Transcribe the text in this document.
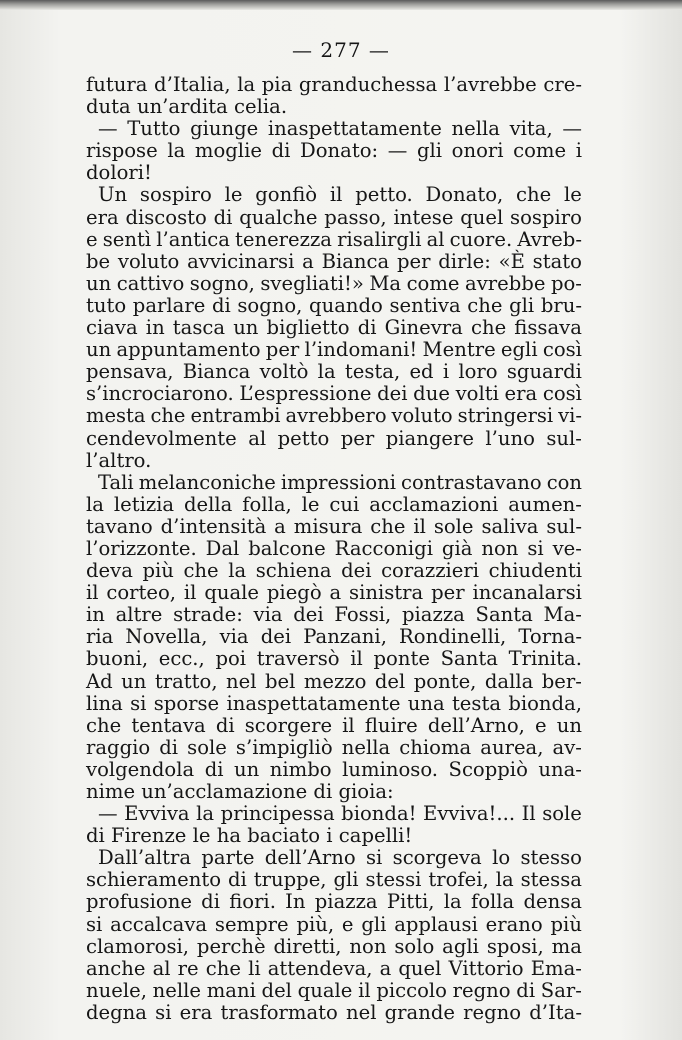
— 277 —
futura d’Italia, la pia granduchessa l’avrebbe cre-
duta un’ardita celia.
— Tutto giunge inaspettatamente nella vita, —
rispose la moglie di Donato: — gli onori come i
dolori!
Un sospiro le gonfiò il petto. Donato, che le
era discosto di qualche passo, intese quel sospiro
e sentì l’antica tenerezza risalirgli al cuore. Avreb-
be voluto avvicinarsi a Bianca per dirle: «È stato
un cattivo sogno, svegliati!» Ma come avrebbe po-
tuto parlare di sogno, quando sentiva che gli bru-
ciava in tasca un biglietto di Ginevra che fissava
un appuntamento per l’indomani! Mentre egli così
pensava, Bianca voltò la testa, ed i loro sguardi
s’incrociarono. L’espressione dei due volti era così
mesta che entrambi avrebbero voluto stringersi vi-
cendevolmente al petto per piangere l’uno sul-
l’altro.
Tali melanconiche impressioni contrastavano con
la letizia della folla, le cui acclamazioni aumen-
tavano d’intensità a misura che il sole saliva sul-
l’orizzonte. Dal balcone Racconigi già non si ve-
deva più che la schiena dei corazzieri chiudenti
il corteo, il quale piegò a sinistra per incanalarsi
in altre strade: via dei Fossi, piazza Santa Ma-
ria Novella, via dei Panzani, Rondinelli, Torna-
buoni, ecc., poi traversò il ponte Santa Trinita.
Ad un tratto, nel bel mezzo del ponte, dalla ber-
lina si sporse inaspettatamente una testa bionda,
che tentava di scorgere il fluire dell’Arno, e un
raggio di sole s’impigliò nella chioma aurea, av-
volgendola di un nimbo luminoso. Scoppiò una-
nime un’acclamazione di gioia:
— Evviva la principessa bionda! Evviva!... Il sole
di Firenze le ha baciato i capelli!
Dall’altra parte dell’Arno si scorgeva lo stesso
schieramento di truppe, gli stessi trofei, la stessa
profusione di fiori. In piazza Pitti, la folla densa
si accalcava sempre più, e gli applausi erano più
clamorosi, perchè diretti, non solo agli sposi, ma
anche al re che li attendeva, a quel Vittorio Ema-
nuele, nelle mani del quale il piccolo regno di Sar-
degna si era trasformato nel grande regno d’Ita-
